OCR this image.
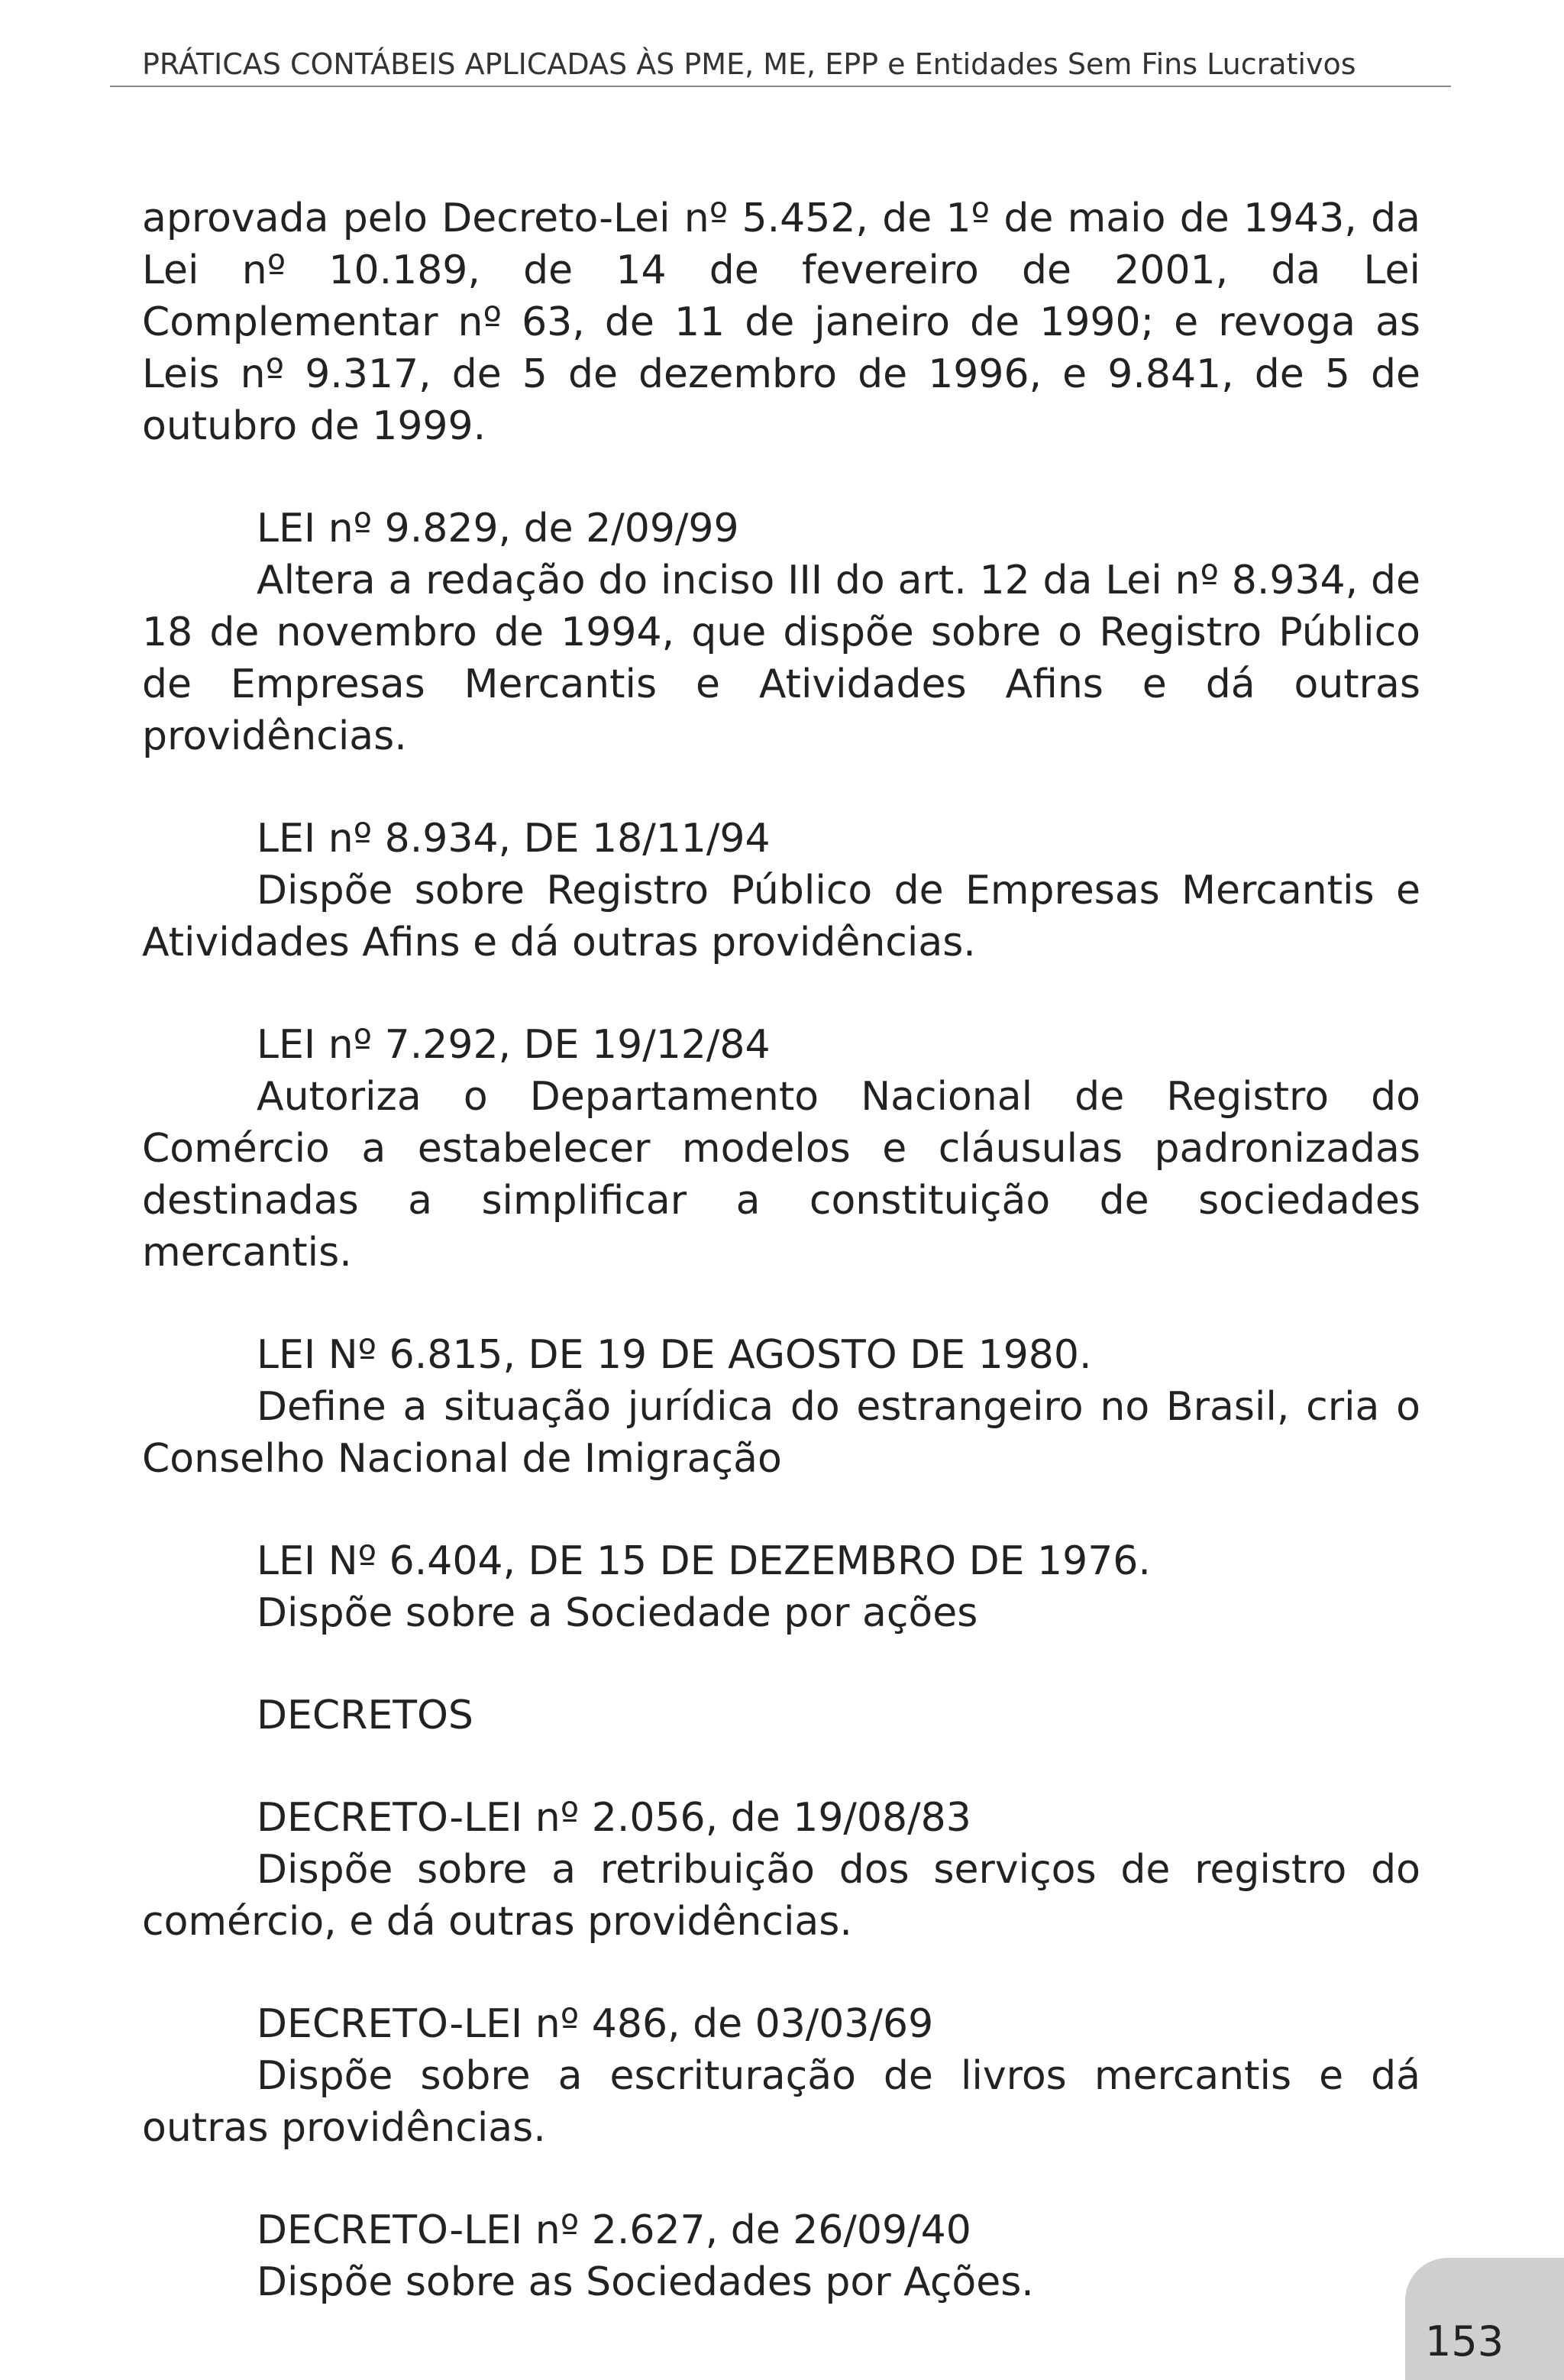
PRÁTICAS CONTÁBEIS APLICADAS ÀS PME, ME, EPP e Entidades Sem Fins Lucrativos

aprovada pelo Decreto-Lei nº 5.452, de 1º de maio de 1943, da Lei nº 10.189, de 14 de fevereiro de 2001, da Lei Complementar nº 63, de 11 de janeiro de 1990; e revoga as Leis nº 9.317, de 5 de dezembro de 1996, e 9.841, de 5 de outubro de 1999.

LEI nº 9.829, de 2/09/99

Altera a redação do inciso III do art. 12 da Lei nº 8.934, de 18 de novembro de 1994, que dispõe sobre o Registro Público de Empresas Mercantis e Atividades Afins e dá outras providências.

LEI nº 8.934, DE 18/11/94

Dispõe sobre Registro Público de Empresas Mercantis e Atividades Afins e dá outras providências.

LEI nº 7.292, DE 19/12/84

Autoriza o Departamento Nacional de Registro do Comércio a estabelecer modelos e cláusulas padronizadas destinadas a simplificar a constituição de sociedades mercantis.

LEI Nº 6.815, DE 19 DE AGOSTO DE 1980.

Define a situação jurídica do estrangeiro no Brasil, cria o Conselho Nacional de Imigração

LEI Nº 6.404, DE 15 DE DEZEMBRO DE 1976.

Dispõe sobre a Sociedade por ações

DECRETOS

DECRETO-LEI nº 2.056, de 19/08/83

Dispõe sobre a retribuição dos serviços de registro do comércio, e dá outras providências.

DECRETO-LEI nº 486, de 03/03/69

Dispõe sobre a escrituração de livros mercantis e dá outras providências.

DECRETO-LEI nº 2.627, de 26/09/40

Dispõe sobre as Sociedades por Ações.

153
